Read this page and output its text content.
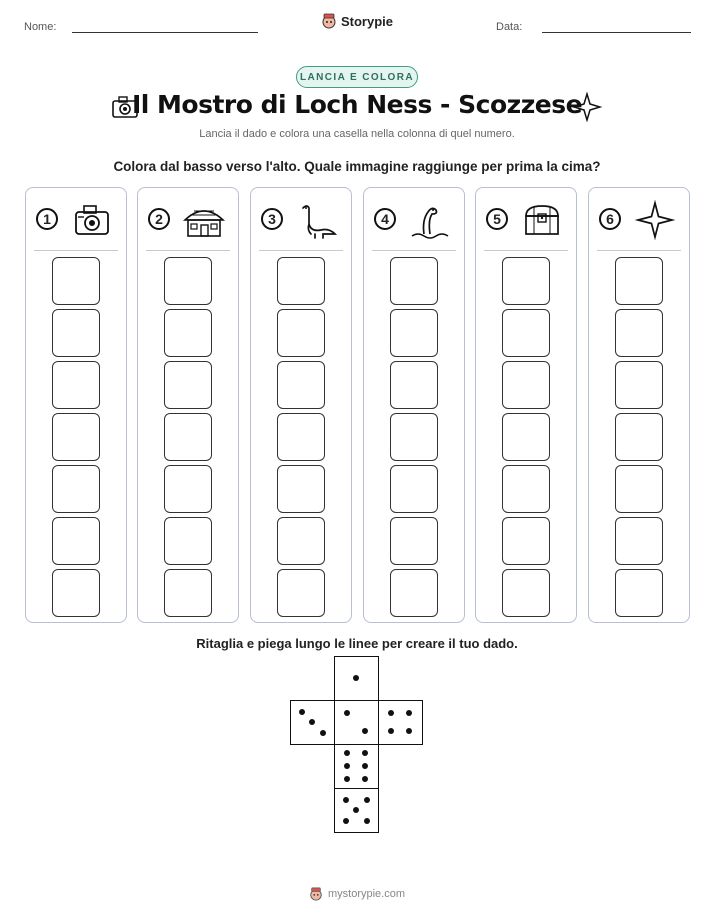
Nome:	Storypie	Data:
LANCIA E COLORA
Il Mostro di Loch Ness - Scozzese
Lancia il dado e colora una casella nella colonna di quel numero.
Colora dal basso verso l'alto. Quale immagine raggiunge per prima la cima?
1	2	3	4	5	6
Ritaglia e piega lungo le linee per creare il tuo dado.
mystorypie.com
